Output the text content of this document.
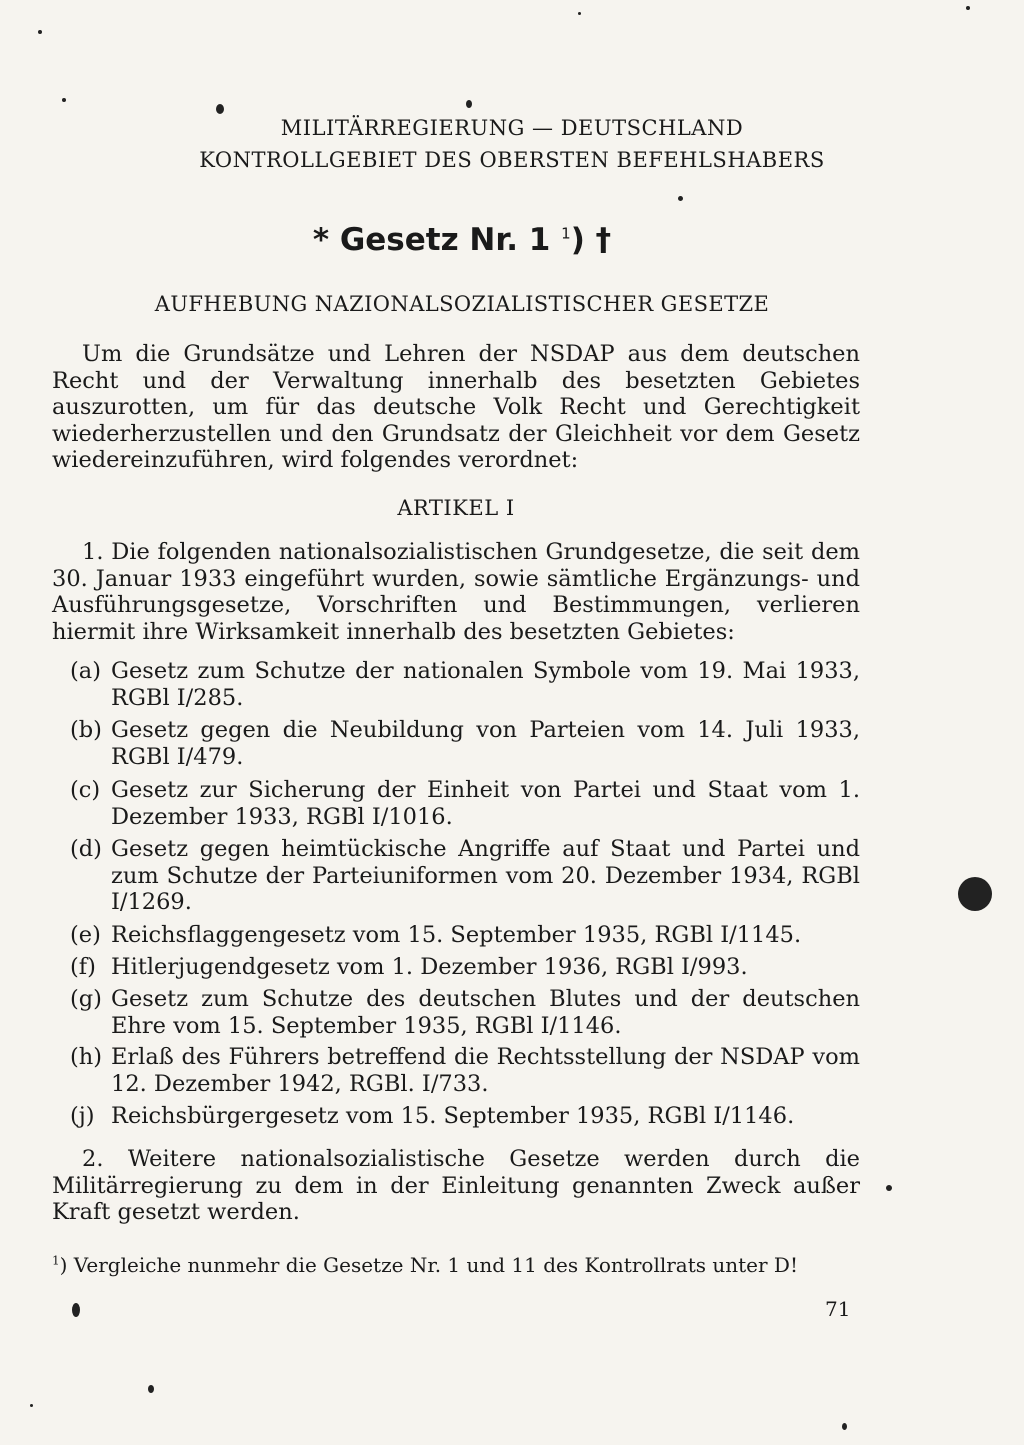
MILITÄRREGIERUNG — DEUTSCHLAND
KONTROLLGEBIET DES OBERSTEN BEFEHLSHABERS
* Gesetz Nr. 1 $^1$) †
AUFHEBUNG NAZIONALSOZIALISTISCHER GESETZE
Um die Grundsätze und Lehren der NSDAP aus dem deutschen Recht und der Verwaltung innerhalb des besetzten Gebietes auszurotten, um für das deutsche Volk Recht und Gerechtigkeit wiederherzustellen und den Grundsatz der Gleichheit vor dem Gesetz wiedereinzuführen, wird folgendes verordnet:
ARTIKEL I
1. Die folgenden nationalsozialistischen Grundgesetze, die seit dem 30. Januar 1933 eingeführt wurden, sowie sämtliche Ergänzungs- und Ausführungsgesetze, Vorschriften und Bestimmungen, verlieren hiermit ihre Wirksamkeit innerhalb des besetzten Gebietes:
(a) Gesetz zum Schutze der nationalen Symbole vom 19. Mai 1933, RGBl I/285.
(b) Gesetz gegen die Neubildung von Parteien vom 14. Juli 1933, RGBl I/479.
(c) Gesetz zur Sicherung der Einheit von Partei und Staat vom 1. Dezember 1933, RGBl I/1016.
(d) Gesetz gegen heimtückische Angriffe auf Staat und Partei und zum Schutze der Parteiuniformen vom 20. Dezember 1934, RGBl I/1269.
(e) Reichsflaggengesetz vom 15. September 1935, RGBl I/1145.
(f) Hitlerjugendgesetz vom 1. Dezember 1936, RGBl I/993.
(g) Gesetz zum Schutze des deutschen Blutes und der deutschen Ehre vom 15. September 1935, RGBl I/1146.
(h) Erlaß des Führers betreffend die Rechtsstellung der NSDAP vom 12. Dezember 1942, RGBl. I/733.
(j) Reichsbürgergesetz vom 15. September 1935, RGBl I/1146.
2. Weitere nationalsozialistische Gesetze werden durch die Militärregierung zu dem in der Einleitung genannten Zweck außer Kraft gesetzt werden.
$^1$) Vergleiche nunmehr die Gesetze Nr. 1 und 11 des Kontrollrats unter D!
71
